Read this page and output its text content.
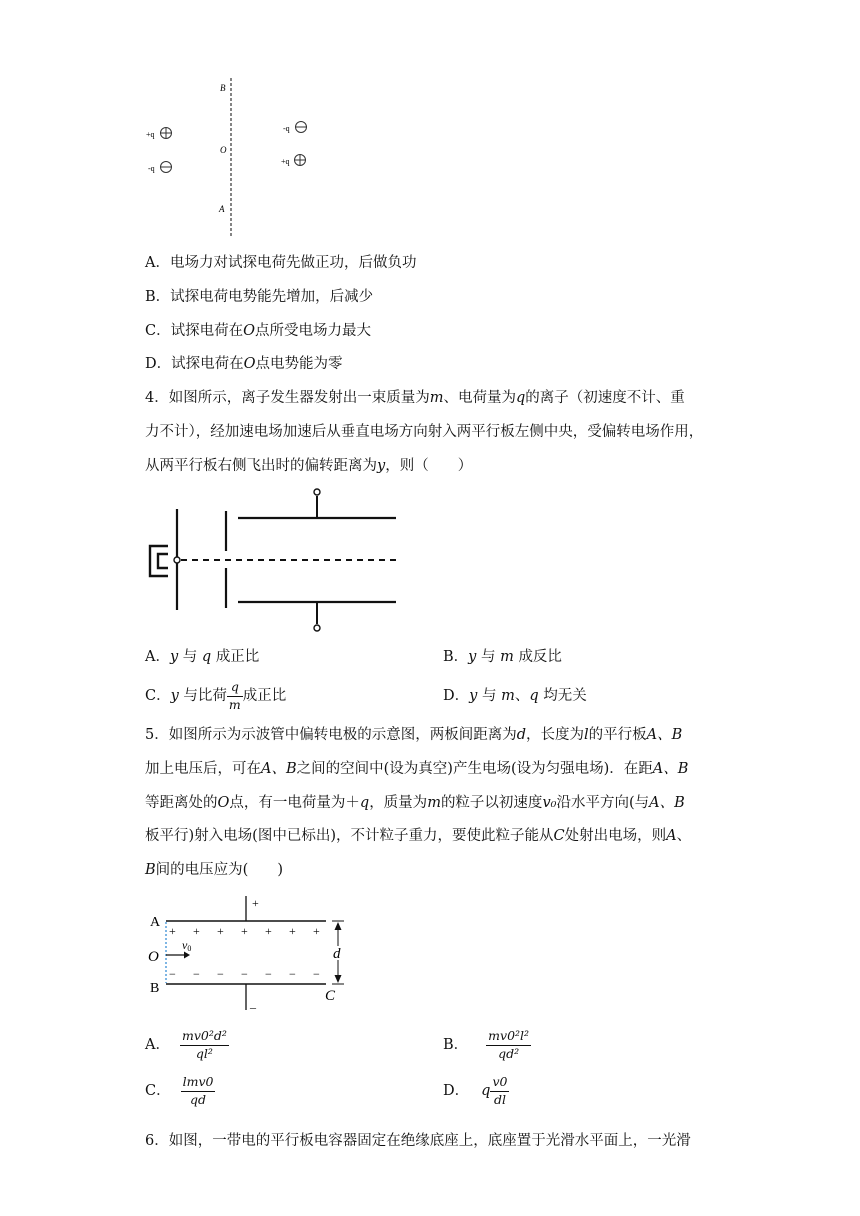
B
O
A
+q
-q
-q
+q
A．电场力对试探电荷先做正功，后做负功
B．试探电荷电势能先增加，后减少
C．试探电荷在O点所受电场力最大
D．试探电荷在O点电势能为零
4．如图所示，离子发生器发射出一束质量为m、电荷量为q的离子（初速度不计、重
力不计），经加速电场加速后从垂直电场方向射入两平行板左侧中央，受偏转电场作用，
从两平行板右侧飞出时的偏转距离为y，则（　　）
A．y 与 q 成正比	B．y 与 m 成反比
C．y 与比荷 $\frac{q}{m}$ 成正比	D．y 与 m、q 均无关
5．如图所示为示波管中偏转电极的示意图，两板间距离为d，长度为l的平行板A、B
加上电压后，可在A、B之间的空间中(设为真空)产生电场(设为匀强电场)．在距A、B
等距离处的O点，有一电荷量为＋q，质量为m的粒子以初速度v₀沿水平方向(与A、B
板平行)射入电场(图中已标出)，不计粒子重力，要使此粒子能从C处射出电场，则A、
B间的电压应为(　　)
+
A
+ + + + + + +
O
v0
− − − − − − −
B
_
d
C
A． $\frac{\text{mv0²d²}}{\text{ql²}}$	B． $\frac{\text{mv0²l²}}{\text{qd²}}$
C． $\frac{\text{lmv0}}{qd}$	D． q $\frac{v0}{dl}$
6．如图，一带电的平行板电容器固定在绝缘底座上，底座置于光滑水平面上，一光滑
